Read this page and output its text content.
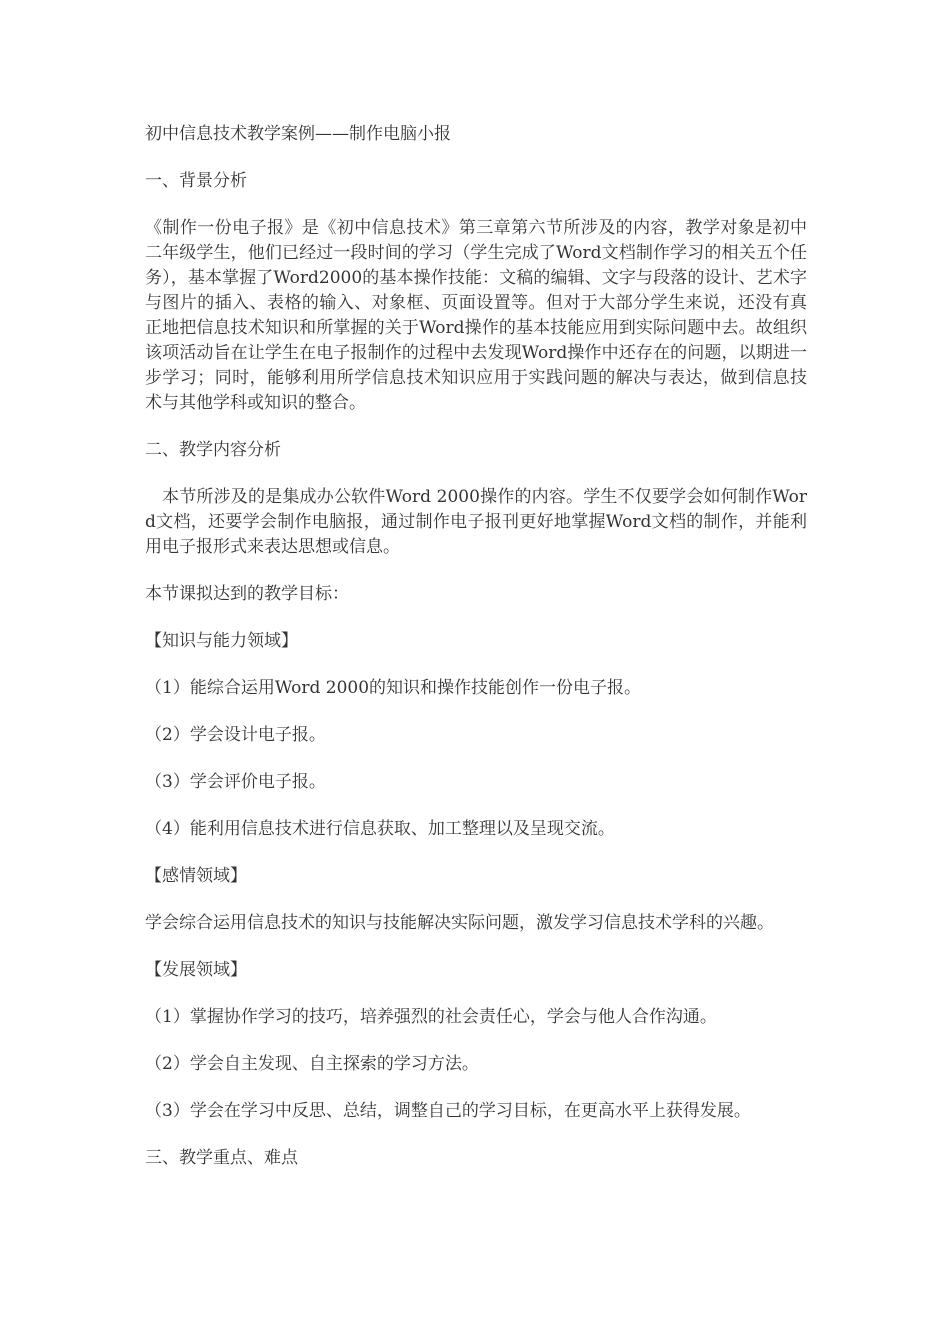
初中信息技术教学案例——制作电脑小报

一、背景分析

《制作一份电子报》是《初中信息技术》第三章第六节所涉及的内容，教学对象是初中二年级学生，他们已经过一段时间的学习（学生完成了Word文档制作学习的相关五个任务），基本掌握了Word2000的基本操作技能：文稿的编辑、文字与段落的设计、艺术字与图片的插入、表格的输入、对象框、页面设置等。但对于大部分学生来说，还没有真正地把信息技术知识和所掌握的关于Word操作的基本技能应用到实际问题中去。故组织该项活动旨在让学生在电子报制作的过程中去发现Word操作中还存在的问题，以期进一步学习；同时，能够利用所学信息技术知识应用于实践问题的解决与表达，做到信息技术与其他学科或知识的整合。

二、教学内容分析

本节所涉及的是集成办公软件Word 2000操作的内容。学生不仅要学会如何制作Word文档，还要学会制作电脑报，通过制作电子报刊更好地掌握Word文档的制作，并能利用电子报形式来表达思想或信息。

本节课拟达到的教学目标：

【知识与能力领域】

（1）能综合运用Word 2000的知识和操作技能创作一份电子报。

（2）学会设计电子报。

（3）学会评价电子报。

（4）能利用信息技术进行信息获取、加工整理以及呈现交流。

【感情领域】

学会综合运用信息技术的知识与技能解决实际问题，激发学习信息技术学科的兴趣。

【发展领域】

（1）掌握协作学习的技巧，培养强烈的社会责任心，学会与他人合作沟通。

（2）学会自主发现、自主探索的学习方法。

（3）学会在学习中反思、总结，调整自己的学习目标，在更高水平上获得发展。

三、教学重点、难点
